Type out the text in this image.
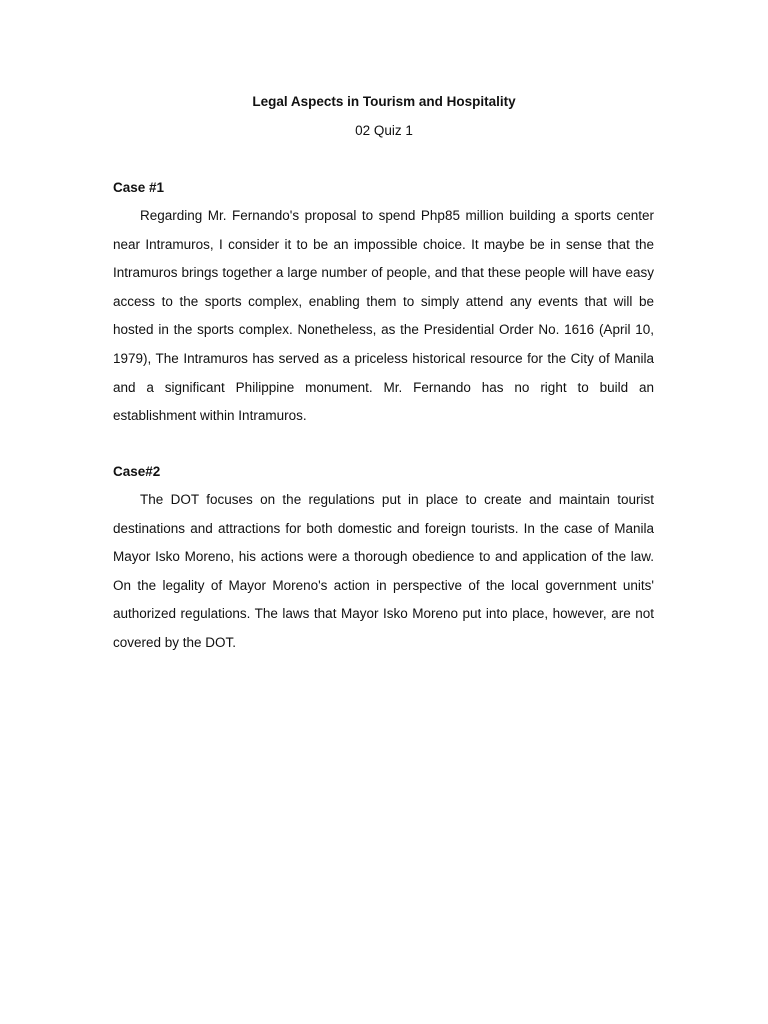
Legal Aspects in Tourism and Hospitality
02 Quiz 1
Case #1

Regarding Mr. Fernando's proposal to spend Php85 million building a sports center near Intramuros, I consider it to be an impossible choice. It maybe be in sense that the Intramuros brings together a large number of people, and that these people will have easy access to the sports complex, enabling them to simply attend any events that will be hosted in the sports complex. Nonetheless, as the Presidential Order No. 1616 (April 10, 1979), The Intramuros has served as a priceless historical resource for the City of Manila and a significant Philippine monument. Mr. Fernando has no right to build an establishment within Intramuros.

Case#2

The DOT focuses on the regulations put in place to create and maintain tourist destinations and attractions for both domestic and foreign tourists. In the case of Manila Mayor Isko Moreno, his actions were a thorough obedience to and application of the law. On the legality of Mayor Moreno's action in perspective of the local government units' authorized regulations. The laws that Mayor Isko Moreno put into place, however, are not covered by the DOT.
